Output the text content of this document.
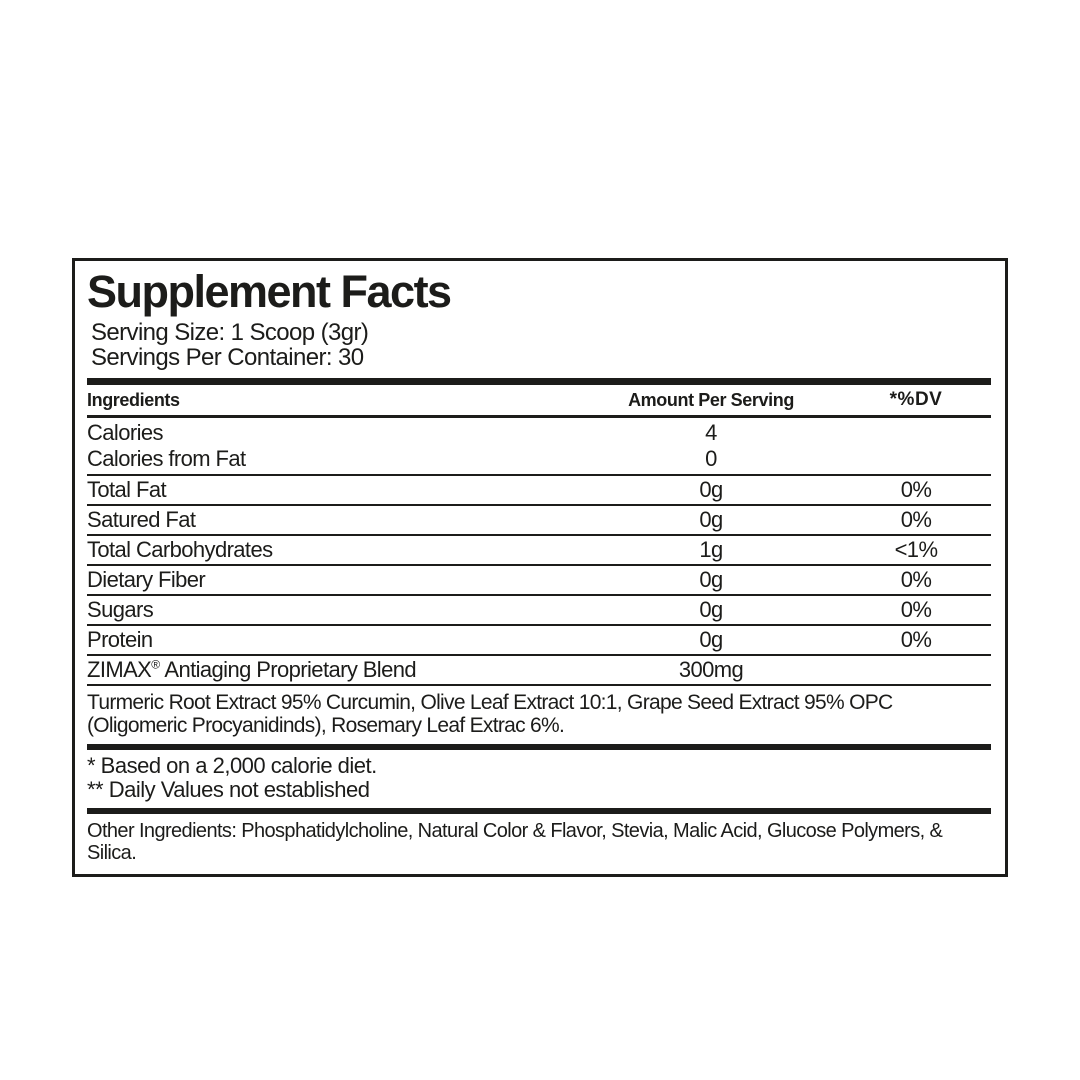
Supplement Facts
Serving Size: 1 Scoop (3gr)
Servings Per Container: 30
Ingredients	Amount Per Serving	*%DV
Calories	4
Calories from Fat	0
Total Fat	0g	0%
Satured Fat	0g	0%
Total Carbohydrates	1g	<1%
Dietary Fiber	0g	0%
Sugars	0g	0%
Protein	0g	0%
ZIMAX® Antiaging Proprietary Blend	300mg

Turmeric Root Extract 95% Curcumin, Olive Leaf Extract 10:1, Grape Seed Extract 95% OPC (Oligomeric Procyanidinds), Rosemary Leaf Extrac 6%.

* Based on a 2,000 calorie diet.
** Daily Values not established

Other Ingredients: Phosphatidylcholine, Natural Color & Flavor, Stevia, Malic Acid, Glucose Polymers, & Silica.
